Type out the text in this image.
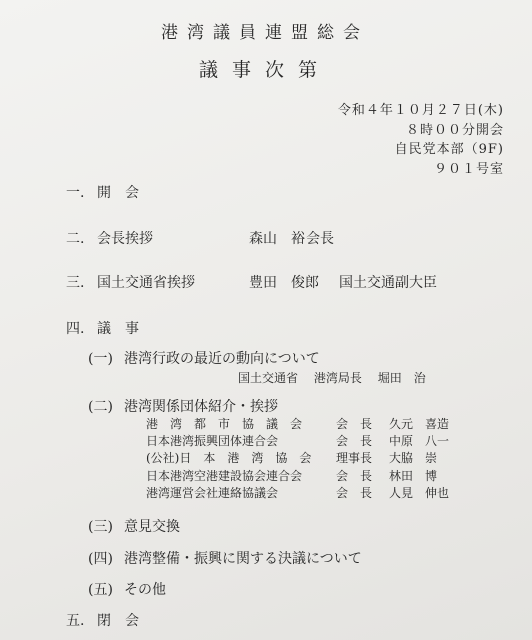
港湾議員連盟総会
議事次第
令和４年１０月２７日(木)
８時００分開会
自民党本部（9F)
９０１号室
一. 開　会
二. 会長挨拶	森山　裕 会長
三. 国土交通省挨拶	豊田　俊郎 国土交通副大臣
四. 議　事
(一) 港湾行政の最近の動向について
国土交通省 港湾局長 堀田　治
(二) 港湾関係団体紹介・挨拶
港　湾　都　市　協　議　会	会　長 久元　喜造
日本港湾振興団体連合会	会　長 中原　八一
(公社)日　本　港　湾　協　会 理事長 大脇　崇
日本港湾空港建設協会連合会	会　長 林田　博
港湾運営会社連絡協議会	会　長 人見　伸也
(三) 意見交換
(四) 港湾整備・振興に関する決議について
(五) その他
五. 閉　会
